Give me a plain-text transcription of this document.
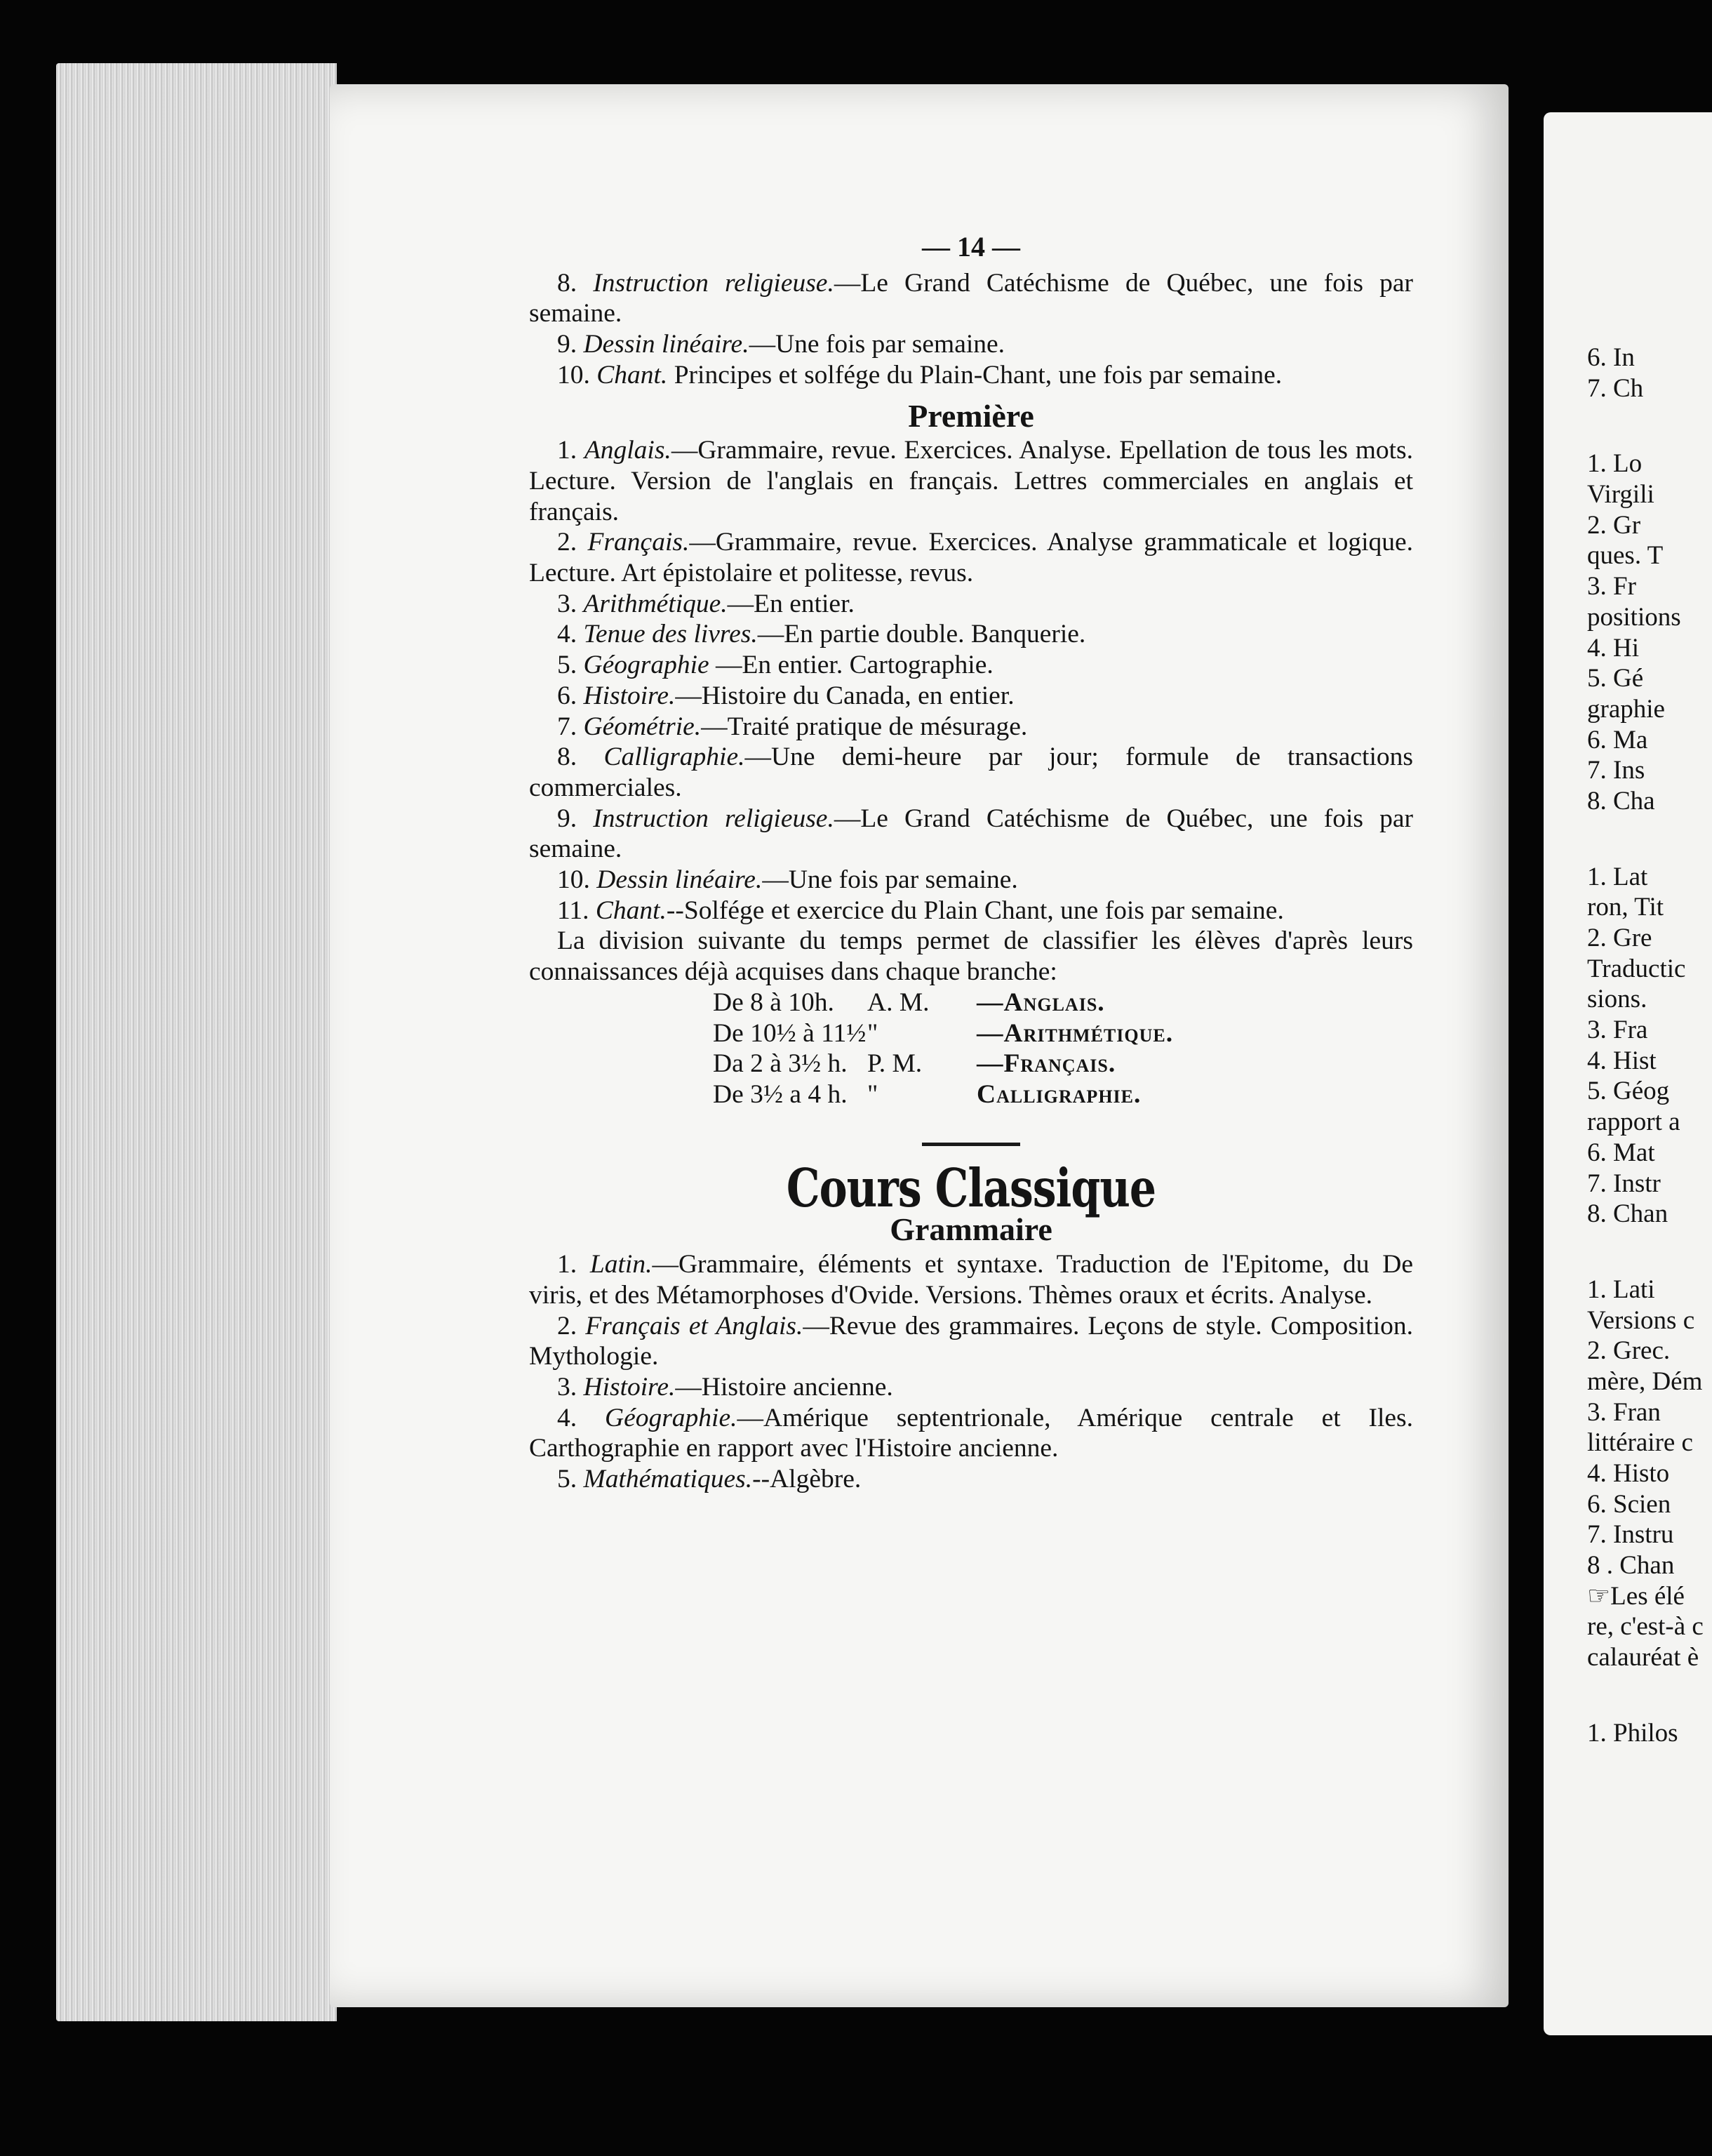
— 14 —

8. Instruction religieuse.—Le Grand Catéchisme de Québec, une fois par semaine.

9. Dessin linéaire.—Une fois par semaine.

10. Chant. Principes et solfége du Plain-Chant, une fois par semaine.

Première

1. Anglais.—Grammaire, revue. Exercices. Analyse. Epellation de tous les mots. Lecture. Version de l'anglais en français. Lettres commerciales en anglais et français.

2. Français.—Grammaire, revue. Exercices. Analyse grammaticale et logique. Lecture. Art épistolaire et politesse, revus.

3. Arithmétique.—En entier.

4. Tenue des livres.—En partie double. Banquerie.

5. Géographie —En entier. Cartographie.

6. Histoire.—Histoire du Canada, en entier.

7. Géométrie.—Traité pratique de mésurage.

8. Calligraphie.—Une demi-heure par jour; formule de transactions commerciales.

9. Instruction religieuse.—Le Grand Catéchisme de Québec, une fois par semaine.

10. Dessin linéaire.—Une fois par semaine.

11. Chant.--Solfége et exercice du Plain Chant, une fois par semaine.

La division suivante du temps permet de classifier les élèves d'après leurs connaissances déjà acquises dans chaque branche:

De 8 à 10h.	A. M.	—Anglais.
De 10½ à 11½ "	—Arithmétique.
Da 2 à 3½ h. P. M.	—Français.
De 3½ a 4 h. "	Calligraphie.
Cours Classique
Grammaire

1. Latin.—Grammaire, éléments et syntaxe. Traduction de l'Epitome, du De viris, et des Métamorphoses d'Ovide. Versions. Thèmes oraux et écrits. Analyse.

2. Français et Anglais.—Revue des grammaires. Leçons de style. Composition. Mythologie.

3. Histoire.—Histoire ancienne.

4. Géographie.—Amérique septentrionale, Amérique centrale et Iles. Carthographie en rapport avec l'Histoire ancienne.

5. Mathématiques.--Algèbre.

6. In
7. Ch
1. Lo
Virgili
2. Gr
ques. T
3. Fr
positions
4. Hi
5. Gé
graphie
6. Ma
7. Ins
8. Cha
1. Lat
ron, Tit
2. Gre
Traductic
sions.
3. Fra
4. Hist
5. Géog
rapport a
6. Mat
7. Instr
8. Chan
1. Lati
Versions c
2. Grec.
mère, Dém
3. Fran
littéraire c
4. Histo
6. Scien
7. Instru
8 . Chan
☞Les élé
re, c'est-à c
calauréat è
1. Philos
